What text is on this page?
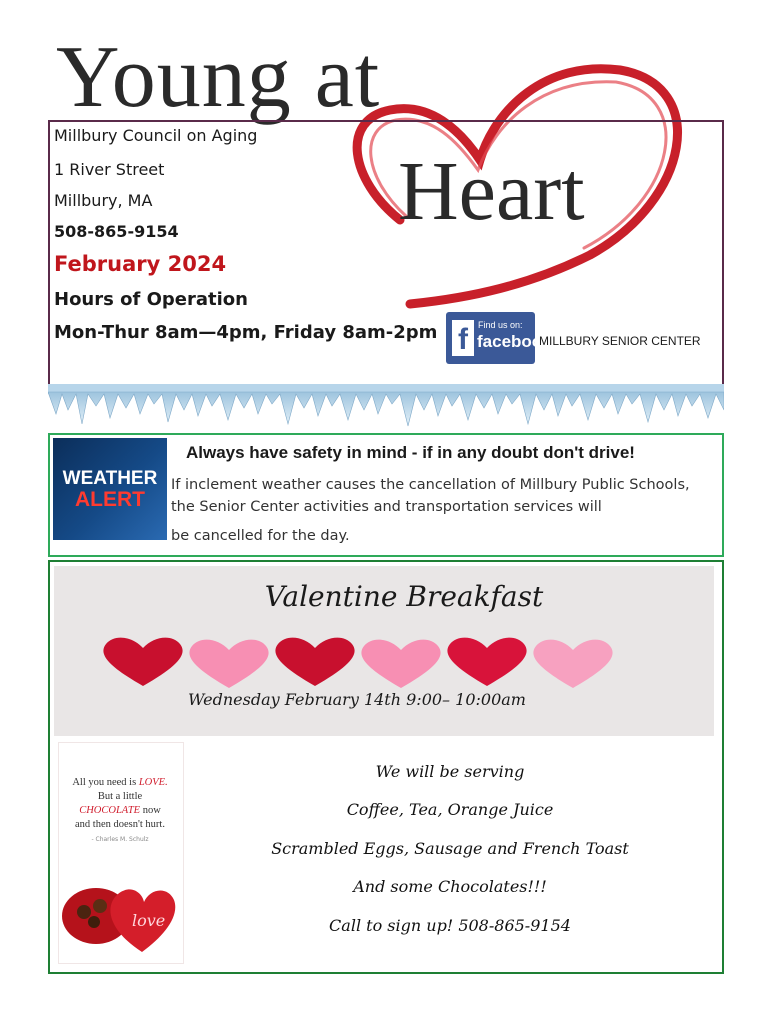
Young at
Heart
Millbury Council on Aging
1 River Street
Millbury, MA
508-865-9154
February 2024
Hours of Operation
Mon-Thur 8am—4pm, Friday 8am-2pm f	Find us on:
facebook
MILLBURY SENIOR CENTER
WEATHER
ALERT
Always have safety in mind - if in any doubt don't drive!
If inclement weather causes the cancellation of Millbury Public Schools,
the Senior Center activities and transportation services will
be cancelled for the day.
Valentine Breakfast
Wednesday February 14th 9:00– 10:00am
All you need is LOVE.
But a little
CHOCOLATE now
and then doesn't hurt.
- Charles M. Schulz
love
We will be serving
Coffee, Tea, Orange Juice
Scrambled Eggs, Sausage and French Toast
And some Chocolates!!!
Call to sign up! 508-865-9154
